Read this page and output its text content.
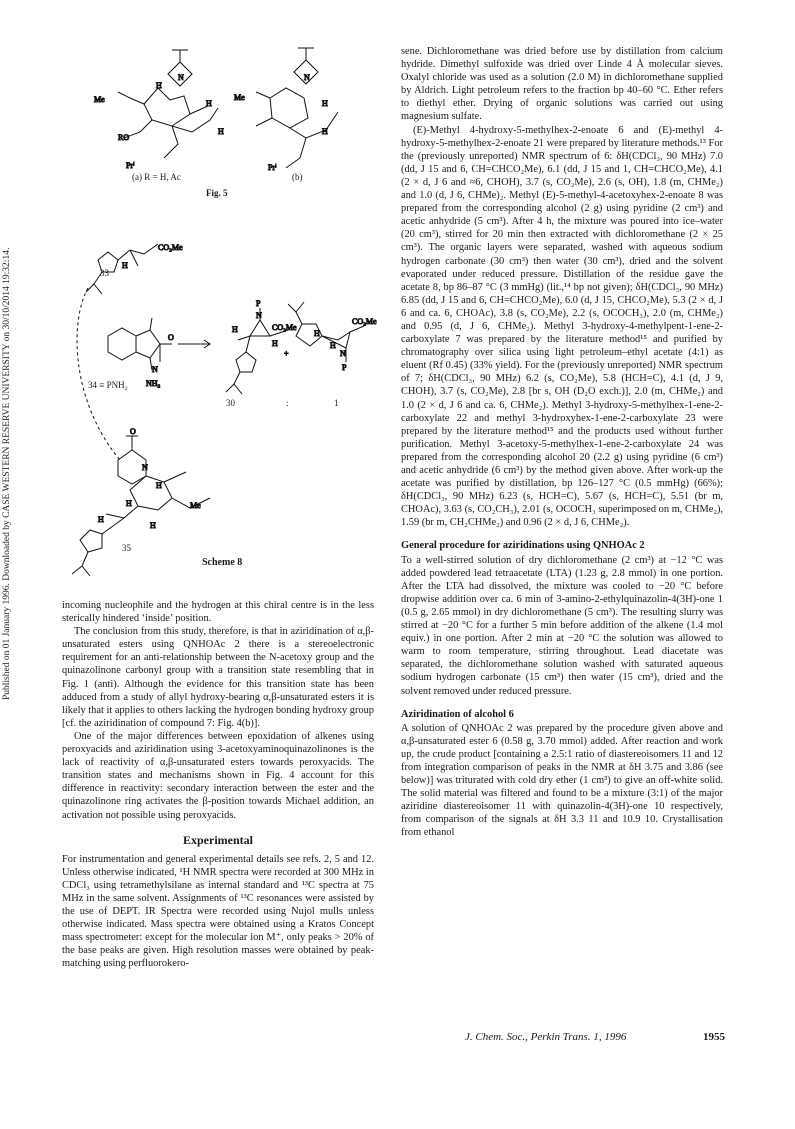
Published on 01 January 1996. Downloaded by CASE WESTERN RESERVE UNIVERSITY on 30/10/2014 19:32:14.
Me
RO
Prⁱ
H
H
H
N
Me
Prⁱ
H
H
N
CO₂Me
H
N
NH₂
O
P
N
CO₂Me
H
H
+
CO₂Me
H
N
P
H
Me
H
H
H
H
O
N
(a) R = H, Ac	(b)
Fig. 5
33
34 ≡ PNH₂
30	:	1
35
Scheme 8

incoming nucleophile and the hydrogen at this chiral centre is in the less sterically hindered ‘inside’ position.

The conclusion from this study, therefore, is that in aziridination of α,β-unsaturated esters using QNHOAc 2 there is a stereoelectronic requirement for an anti-relationship between the N-acetoxy group and the quinazolinone carbonyl group with a transition state resembling that in Fig. 1 (anti). Although the evidence for this transition state has been adduced from a study of allyl hydroxy-bearing α,β-unsaturated esters it is likely that it applies to others lacking the hydrogen bonding hydroxy group [cf. the aziridination of compound 7: Fig. 4(b)].

One of the major differences between epoxidation of alkenes using peroxyacids and aziridination using 3-acetoxyaminoquinazolinones is the lack of reactivity of α,β-unsaturated esters towards peroxyacids. The transition states and mechanisms shown in Fig. 4 account for this difference in reactivity: secondary interaction between the ester and the quinazolinone ring activates the β-position towards Michael addition, an activation not possible using peroxyacids.

Experimental

For instrumentation and general experimental details see refs. 2, 5 and 12. Unless otherwise indicated, ¹H NMR spectra were recorded at 300 MHz in CDCl₃ using tetramethylsilane as internal standard and ¹³C spectra at 75 MHz in the same solvent. Assignments of ¹³C resonances were assisted by the use of DEPT. IR Spectra were recorded using Nujol mulls unless otherwise indicated. Mass spectra were obtained using a Kratos Concept mass spectrometer: except for the molecular ion M⁺, only peaks > 20% of the base peaks are given. High resolution masses were obtained by peak-matching using perfluorokero-

sene. Dichloromethane was dried before use by distillation from calcium hydride. Dimethyl sulfoxide was dried over Linde 4 Å molecular sieves. Oxalyl chloride was used as a solution (2.0 M) in dichloromethane supplied by Aldrich. Light petroleum refers to the fraction bp 40–60 °C. Ether refers to diethyl ether. Drying of organic solutions was carried out using magnesium sulfate.

(E)-Methyl 4-hydroxy-5-methylhex-2-enoate 6 and (E)-methyl 4-hydroxy-5-methylhex-2-enoate 21 were prepared by literature methods.¹³ For the (previously unreported) NMR spectrum of 6: δH(CDCl₃, 90 MHz) 7.0 (dd, J 15 and 6, CH=CHCO₂Me), 6.1 (dd, J 15 and 1, CH=CHCO₂Me), 4.1 (2 × d, J 6 and ≈6, CHOH), 3.7 (s, CO₂Me), 2.6 (s, OH), 1.8 (m, CHMe₂) and 1.0 (d, J 6, CHMe)₂. Methyl (E)-5-methyl-4-acetoxyhex-2-enoate 8 was prepared from the corresponding alcohol (2 g) using pyridine (2 cm³) and acetic anhydride (5 cm³). After 4 h, the mixture was poured into ice–water (20 cm³), stirred for 20 min then extracted with dichloromethane (2 × 25 cm³). The organic layers were separated, washed with aqueous sodium hydrogen carbonate (30 cm³) then water (30 cm³), dried and the solvent evaporated under reduced pressure. Distillation of the residue gave the acetate 8, bp 86–87 °C (3 mmHg) (lit.,¹⁴ bp not given); δH(CDCl₃, 90 MHz) 6.85 (dd, J 15 and 6, CH=CHCO₂Me), 6.0 (d, J 15, CHCO₂Me), 5.3 (2 × d, J 6 and ca. 6, CHOAc), 3.8 (s, CO₂Me), 2.2 (s, OCOCH₃), 2.0 (m, CHMe₂) and 0.95 (d, J 6, CHMe₂). Methyl 3-hydroxy-4-methylpent-1-ene-2-carboxylate 7 was prepared by the literature method¹⁵ and purified by chromatography over silica using light petroleum–ethyl acetate (4:1) as eluent (Rf 0.45) (33% yield). For the (previously unreported) NMR spectrum of 7; δH(CDCl₃, 90 MHz) 6.2 (s, CO₂Me), 5.8 (HCH=C), 4.1 (d, J 9, CHOH), 3.7 (s, CO₂Me), 2.8 [br s, OH (D₂O exch.)], 2.0 (m, CHMe₂) and 1.0 (2 × d, J 6 and ca. 6, CHMe₂). Methyl 3-hydroxy-5-methylhex-1-ene-2-carboxylate 22 and methyl 3-hydroxyhex-1-ene-2-carboxylate 23 were prepared by the literature method¹⁵ and the products used without further purification. Methyl 3-acetoxy-5-methylhex-1-ene-2-carboxylate 24 was prepared from the corresponding alcohol 20 (2.2 g) using pyridine (6 cm³) and acetic anhydride (6 cm³) by the method given above. After work-up the acetate was purified by distillation, bp 126–127 °C (0.5 mmHg) (66%); δH(CDCl₃, 90 MHz) 6.23 (s, HCH=C), 5.67 (s, HCH=C), 5.51 (br m, CHOAc), 3.63 (s, CO₂CH₃), 2.01 (s, OCOCH₃ superimposed on m, CHMe₂), 1.59 (br m, CH₂CHMe₂) and 0.96 (2 × d, J 6, CHMe₂).

General procedure for aziridinations using QNHOAc 2

To a well-stirred solution of dry dichloromethane (2 cm³) at −12 °C was added powdered lead tetraacetate (LTA) (1.23 g, 2.8 mmol) in one portion. After the LTA had dissolved, the mixture was cooled to −20 °C before dropwise addition over ca. 6 min of 3-amino-2-ethylquinazolin-4(3H)-one 1 (0.5 g, 2.65 mmol) in dry dichloromethane (5 cm³). The resulting slurry was stirred at −20 °C for a further 5 min before addition of the alkene (1.4 mol equiv.) in one portion. After 2 min at −20 °C the solution was allowed to warm to room temperature, stirring throughout. Lead diacetate was separated, the dichloromethane solution washed with saturated aqueous sodium hydrogen carbonate (15 cm³) then water (15 cm³), dried and the solvent removed under reduced pressure.

Aziridination of alcohol 6

A solution of QNHOAc 2 was prepared by the procedure given above and α,β-unsaturated ester 6 (0.58 g, 3.70 mmol) added. After reaction and work up, the crude product [containing a 2.5:1 ratio of diastereoisomers 11 and 12 from integration comparison of peaks in the NMR at δH 3.75 and 3.86 (see below)] was triturated with cold dry ether (1 cm³) to give an off-white solid. The solid material was filtered and found to be a mixture (3:1) of the major aziridine diastereoisomer 11 with quinazolin-4(3H)-one 10 respectively, from comparison of the signals at δH 3.3 11 and 10.9 10. Crystallisation from ethanol

J. Chem. Soc., Perkin Trans. 1, 1996	1955
